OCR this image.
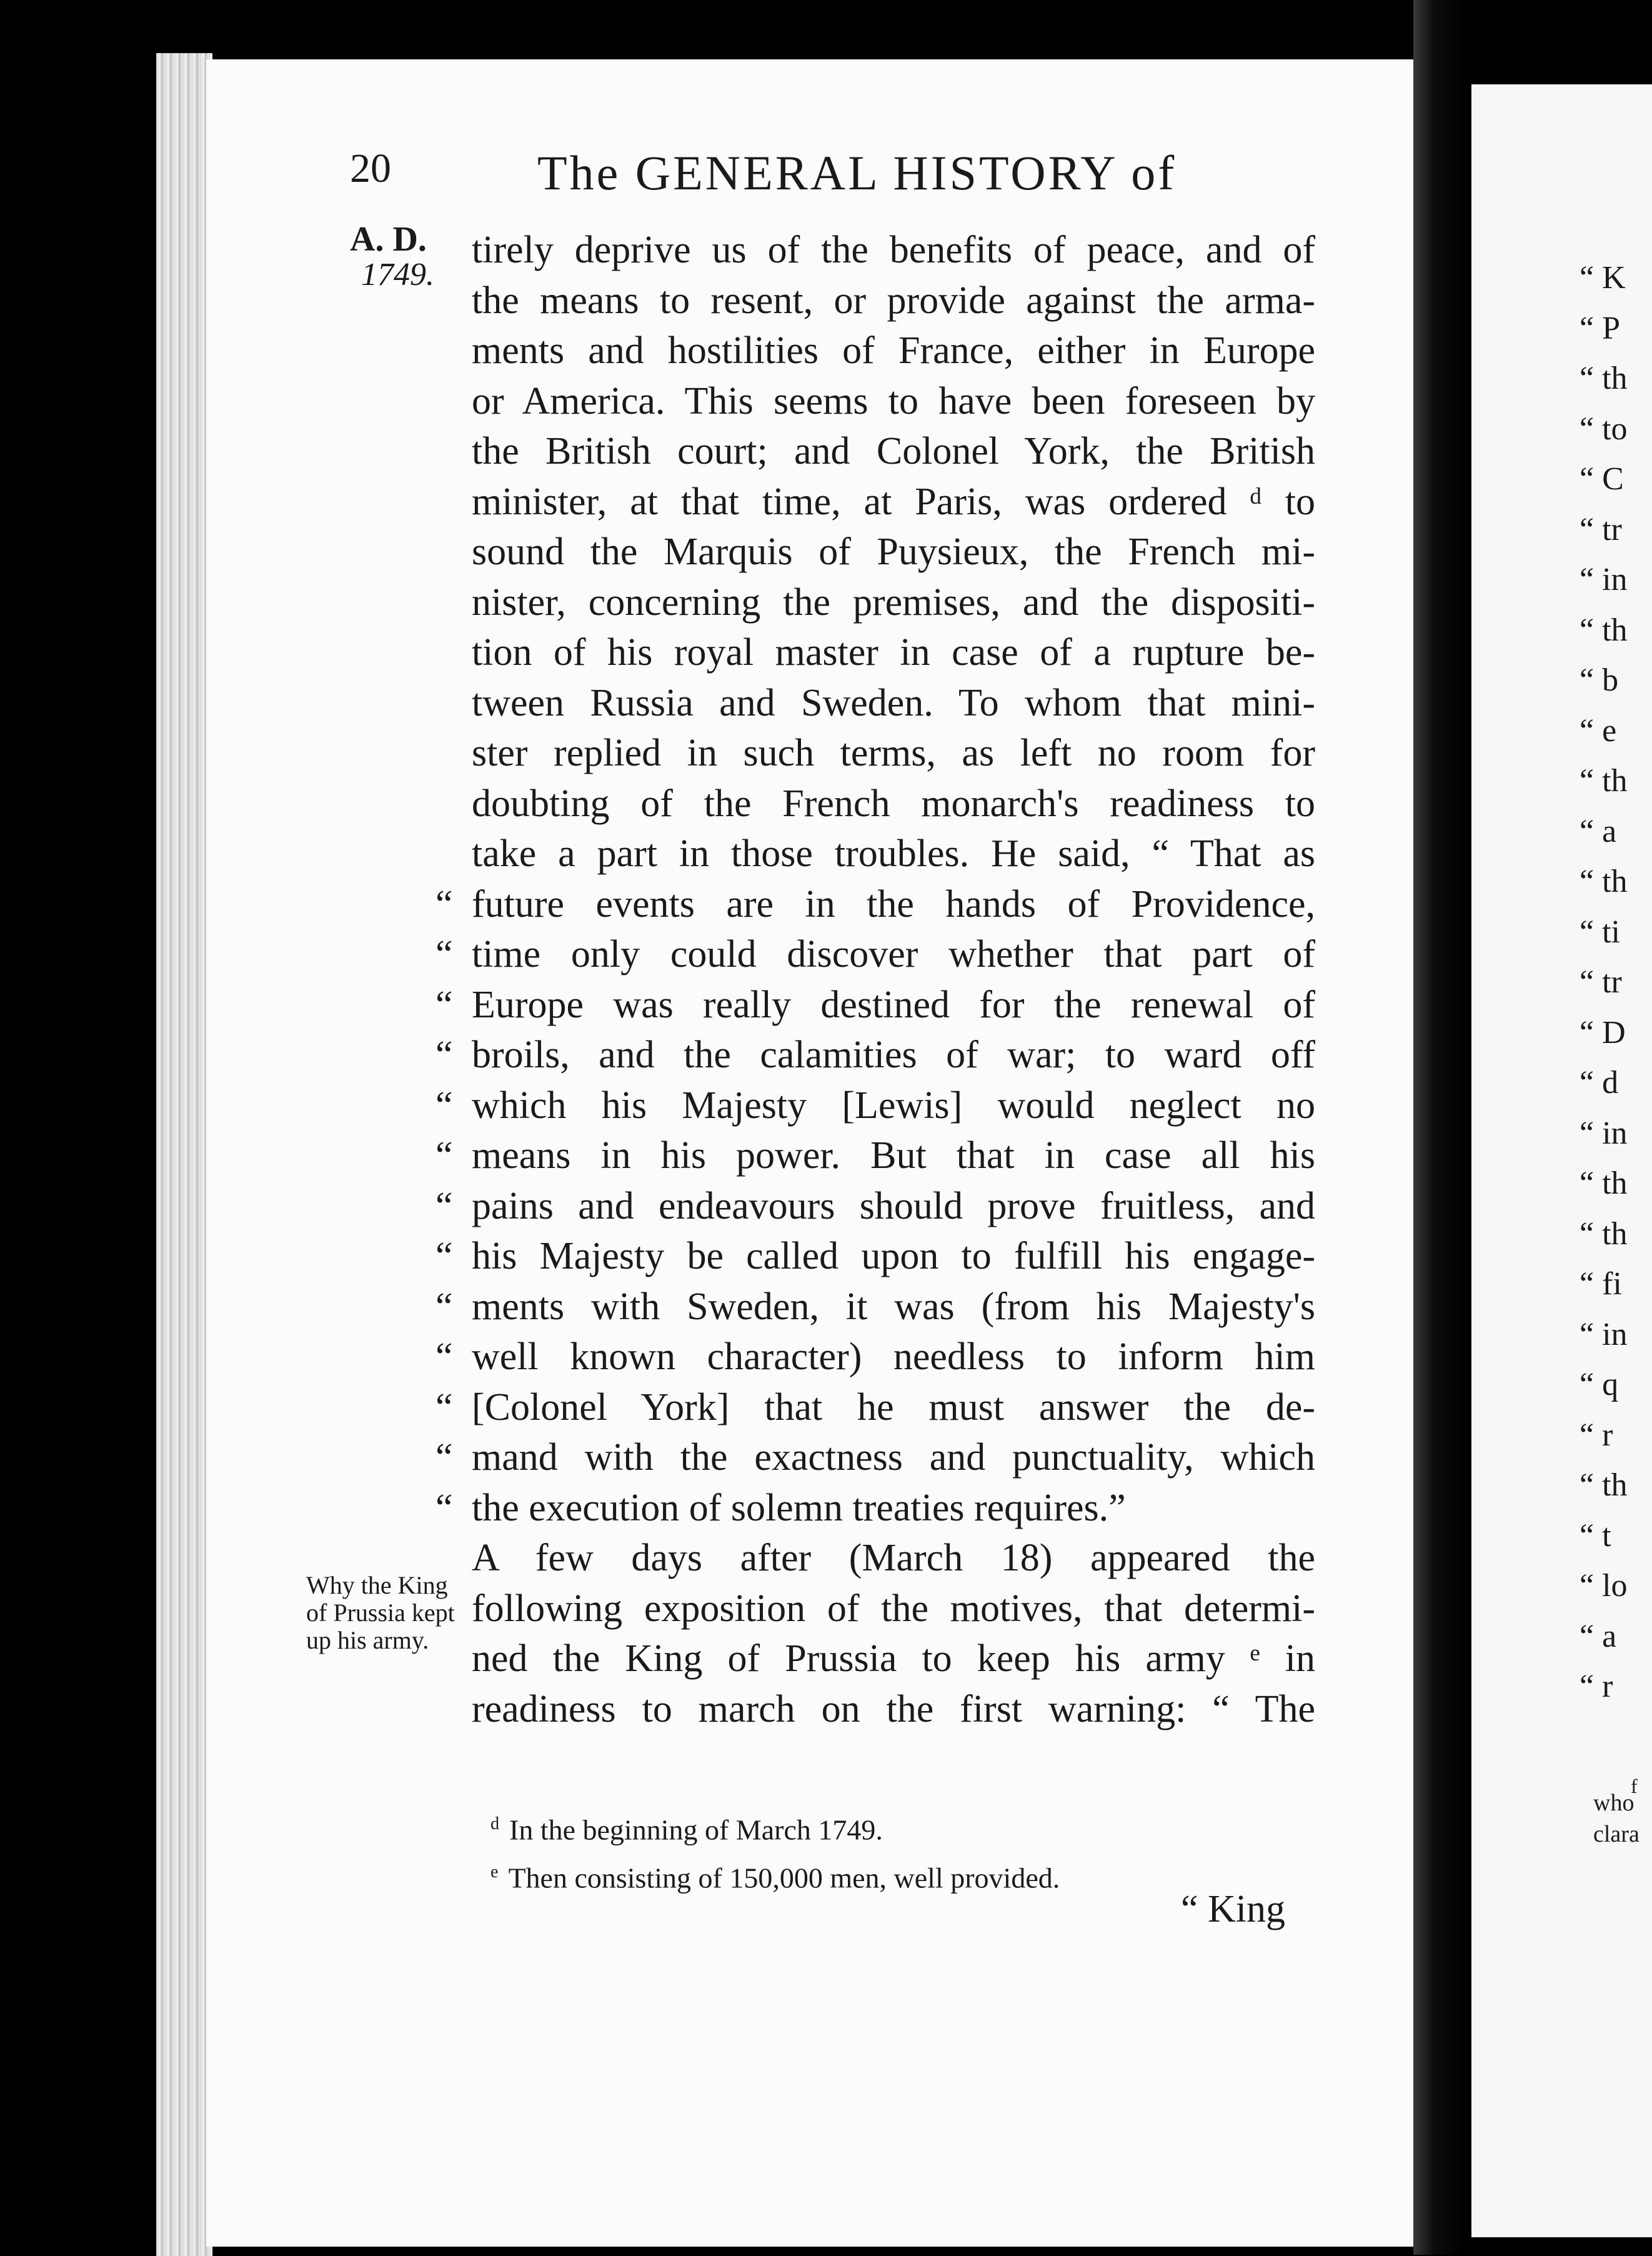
20	The GENERAL HISTORY of
A. D.
1749.
tirely deprive us of the benefits of peace, and of
the means to resent, or provide against the arma-
ments and hostilities of France, either in Europe
or America. This seems to have been foreseen by
the British court; and Colonel York, the British
minister, at that time, at Paris, was ordered ᵈ to
sound the Marquis of Puysieux, the French mi-
nister, concerning the premises, and the dispositi-
tion of his royal master in case of a rupture be-
tween Russia and Sweden. To whom that mini-
ster replied in such terms, as left no room for
doubting of the French monarch's readiness to
take a part in those troubles. He said, “ That as
“ future events are in the hands of Providence,
“ time only could discover whether that part of
“ Europe was really destined for the renewal of
“ broils, and the calamities of war; to ward off
“ which his Majesty [Lewis] would neglect no
“ means in his power. But that in case all his
“ pains and endeavours should prove fruitless, and
“ his Majesty be called upon to fulfill his engage-
“ ments with Sweden, it was (from his Majesty's
“ well known character) needless to inform him
“ [Colonel York] that he must answer the de-
“ mand with the exactness and punctuality, which
“ the execution of solemn treaties requires.”
A few days after (March 18) appeared the
following exposition of the motives, that determi-
ned the King of Prussia to keep his army ᵉ in
readiness to march on the first warning: “ The
Why the King of Prussia kept up his army.
$^d$ In the beginning of March 1749.
$^e$ Then consisting of 150,000 men, well provided.
“ King
“ K
“ P
“ th
“ to
“ C
“ tr
“ in
“ th
“ b
“ e
“ th
“ a
“ th
“ ti
“ tr
“ D
“ d
“ in
“ th
“ th
“ fi
“ in
“ q
“ r
“ th
“ t
“ lo
“ a
“ r
f
who
clara
